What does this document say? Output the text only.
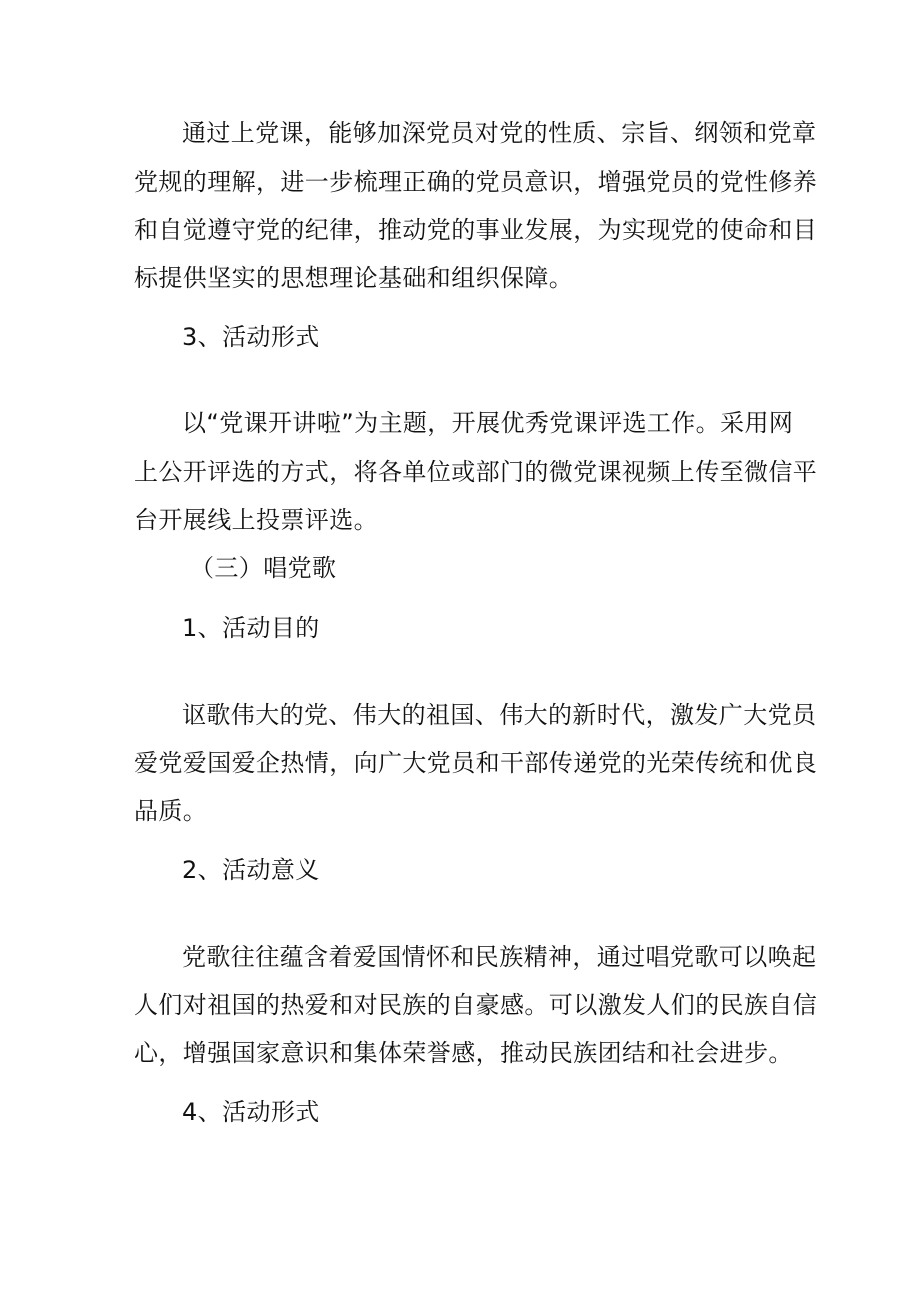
通过上党课，能够加深党员对党的性质、宗旨、纲领和党章
党规的理解，进一步梳理正确的党员意识，增强党员的党性修养
和自觉遵守党的纪律，推动党的事业发展，为实现党的使命和目
标提供坚实的思想理论基础和组织保障。
3、活动形式
以“党课开讲啦”为主题，开展优秀党课评选工作。采用网
上公开评选的方式，将各单位或部门的微党课视频上传至微信平
台开展线上投票评选。
（三）唱党歌
1、活动目的
讴歌伟大的党、伟大的祖国、伟大的新时代，激发广大党员
爱党爱国爱企热情，向广大党员和干部传递党的光荣传统和优良
品质。
2、活动意义
党歌往往蕴含着爱国情怀和民族精神，通过唱党歌可以唤起
人们对祖国的热爱和对民族的自豪感。可以激发人们的民族自信
心，增强国家意识和集体荣誉感，推动民族团结和社会进步。
4、活动形式
